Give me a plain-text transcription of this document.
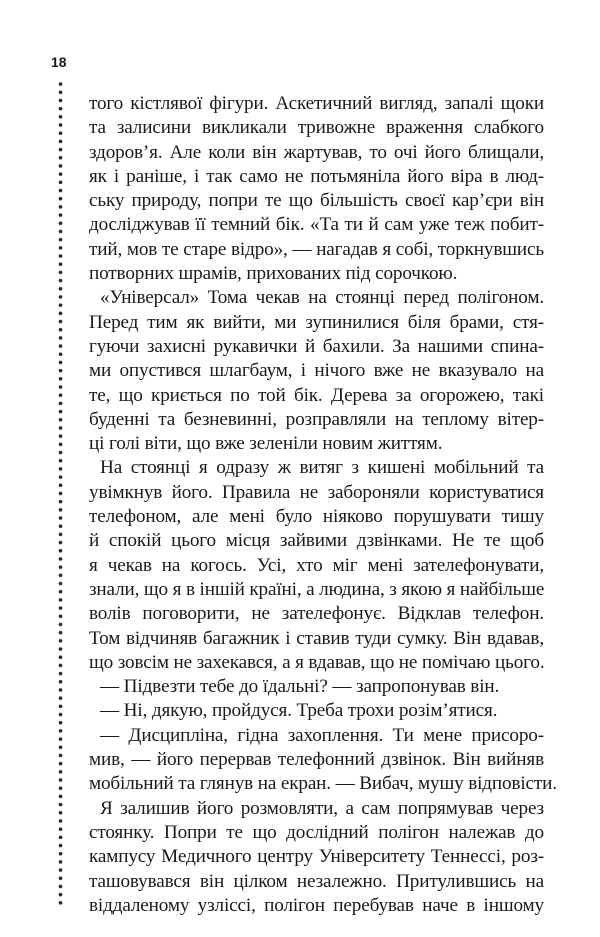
18
того кістлявої фігури. Аскетичний вигляд, запалі щоки
та залисини викликали тривожне враження слабкого
здоров’я. Але коли він жартував, то очі його блищали,
як і раніше, і так само не потьмяніла його віра в люд-
ську природу, попри те що більшість своєї кар’єри він
досліджував її темний бік. «Та ти й сам уже теж побит-
тий, мов те старе відро», — нагадав я собі, торкнувшись
потворних шрамів, прихованих під сорочкою.
«Універсал» Тома чекав на стоянці перед полігоном.
Перед тим як вийти, ми зупинилися біля брами, стя-
гуючи захисні рукавички й бахили. За нашими спина-
ми опустився шлагбаум, і нічого вже не вказувало на
те, що криється по той бік. Дерева за огорожею, такі
буденні та безневинні, розправляли на теплому вітер-
ці голі віти, що вже зеленіли новим життям.
На стоянці я одразу ж витяг з кишені мобільний та
увімкнув його. Правила не забороняли користуватися
телефоном, але мені було ніяково порушувати тишу
й спокій цього місця зайвими дзвінками. Не те щоб
я чекав на когось. Усі, хто міг мені зателефонувати,
знали, що я в іншій країні, а людина, з якою я найбільше
волів поговорити, не зателефонує. Відклав телефон.
Том відчиняв багажник і ставив туди сумку. Він вдавав,
що зовсім не захекався, а я вдавав, що не помічаю цього.
— Підвезти тебе до їдальні? — запропонував він.
— Ні, дякую, пройдуся. Треба трохи розім’ятися.
— Дисципліна, гідна захоплення. Ти мене присоро-
мив, — його перервав телефонний дзвінок. Він вийняв
мобільний та глянув на екран. — Вибач, мушу відповісти.
Я залишив його розмовляти, а сам попрямував через
стоянку. Попри те що дослідний полігон належав до
кампусу Медичного центру Університету Теннессі, роз-
ташовувався він цілком незалежно. Притулившись на
віддаленому узліссі, полігон перебував наче в іншому
